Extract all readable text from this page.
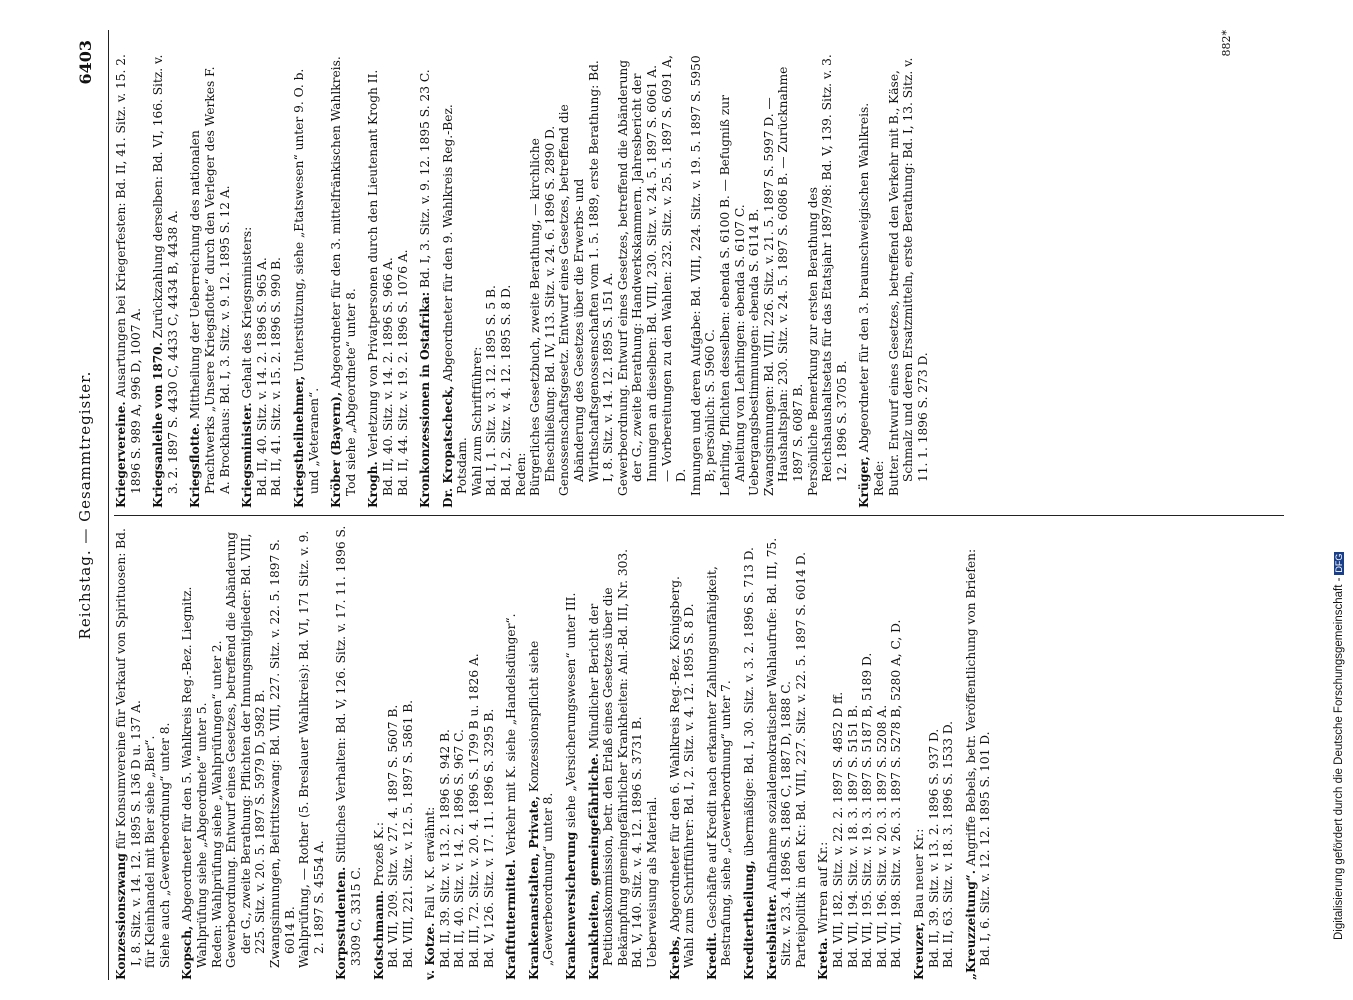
Reichstag. — Gesammtregister.
6403

Konzessionszwang für Konsumvereine für Verkauf von Spirituosen: Bd. I, 8. Sitz. v. 14. 12. 1895 S. 136 D u. 137 A. für Kleinhandel mit Bier siehe „Bier“. Siehe auch „Gewerbeordnung“ unter 8. Kopsch, Abgeordneter für den 5. Wahlkreis Reg.-Bez. Liegnitz. Wahlprüfung siehe „Abgeordnete“ unter 5. Reden: Wahlprüfung siehe „Wahlprüfungen“ unter 2. Gewerbeordnung. Entwurf eines Gesetzes, betreffend die Abänderung der G., zweite Berathung: Pflichten der Innungsmitglieder: Bd. VIII, 225. Sitz. v. 20. 5. 1897 S. 5979 D, 5982 B. Zwangsinnungen, Beitrittszwang: Bd. VIII, 227. Sitz. v. 22. 5. 1897 S. 6014 B. Wahlprüfung, — Rother (5. Breslauer Wahlkreis): Bd. VI, 171 Sitz. v. 9. 2. 1897 S. 4554 A. Korpsstudenten. Sittliches Verhalten: Bd. V, 126. Sitz. v. 17. 11. 1896 S. 3309 C, 3315 C. Kotschmann. Prozeß K.: Bd. VII, 209. Sitz. v. 27. 4. 1897 S. 5607 B. Bd. VIII, 221. Sitz. v. 12. 5. 1897 S. 5861 B. v. Kotze. Fall v. K. erwähnt: Bd. II, 39. Sitz. v. 13. 2. 1896 S. 942 B. Bd. II, 40. Sitz. v. 14. 2. 1896 S. 967 C. Bd. III, 72. Sitz. v. 20. 4. 1896 S. 1799 B u. 1826 A. Bd. V, 126. Sitz. v. 17. 11. 1896 S. 3295 B. Kraftfuttermittel. Verkehr mit K. siehe „Handelsdünger“.

Krankenanstalten, Private, Konzessionspflicht siehe „Gewerbeordnung“ unter 8. Krankenversicherung siehe „Versicherungswesen“ unter III.

Krankheiten, gemeingefährliche. Mündlicher Bericht der Petitionskommission, betr. den Erlaß eines Gesetzes über die Bekämpfung gemeingefährlicher Krankheiten: Anl.-Bd. III, Nr. 303. Bd. V, 140. Sitz. v. 4. 12. 1896 S. 3731 B. Ueberweisung als Material. Krebs, Abgeordneter für den 6. Wahlkreis Reg.-Bez. Königsberg. Wahl zum Schriftführer: Bd. I, 2. Sitz. v. 4. 12. 1895 S. 8 D. Kredit. Geschäfte auf Kredit nach erkannter Zahlungsunfähigkeit, Bestrafung, siehe „Gewerbeordnung“ unter 7. Kreditertheilung, übermäßige: Bd. I, 30. Sitz. v. 3. 2. 1896 S. 713 D.

Kreisblätter. Aufnahme sozialdemokratischer Wahlaufrufe: Bd. III, 75. Sitz. v. 23. 4. 1896 S. 1886 C, 1887 D, 1888 C. Parteipolitik in den Kr.: Bd. VIII, 227. Sitz. v. 22. 5. 1897 S. 6014 D. Kreta. Wirren auf Kr.: Bd. VII, 182. Sitz. v. 22. 2. 1897 S. 4852 D ff. Bd. VII, 194. Sitz. v. 18. 3. 1897 S. 5151 B. Bd. VII, 195. Sitz. v. 19. 3. 1897 S. 5187 B, 5189 D. Bd. VII, 196. Sitz. v. 20. 3. 1897 S. 5208 A. Bd. VII, 198. Sitz. v. 26. 3. 1897 S. 5278 B, 5280 A, C, D. Kreuzer, Bau neuer Kr.: Bd. II, 39. Sitz. v. 13. 2. 1896 S. 937 D. Bd. II, 63. Sitz. v. 18. 3. 1896 S. 1533 D. „Kreuzzeitung“. Angriffe Bebels, betr. Veröffentlichung von Briefen: Bd. I, 6. Sitz. v. 12. 12. 1895 S. 101 D.

Kriegervereine. Ausartungen bei Kriegerfesten: Bd. II, 41. Sitz. v. 15. 2. 1896 S. 989 A, 996 D, 1007 A. Kriegsanleihe von 1870. Zurückzahlung derselben: Bd. VI, 166. Sitz. v. 3. 2. 1897 S. 4430 C, 4433 C, 4434 B, 4438 A. Kriegsflotte. Mittheilung der Ueberreichung des nationalen Prachtwerks „Unsere Kriegsflotte“ durch den Verleger des Werkes F. A. Brockhaus: Bd. I, 3. Sitz. v. 9. 12. 1895 S. 12 A. Kriegsminister. Gehalt des Kriegsministers: Bd. II, 40. Sitz. v. 14. 2. 1896 S. 965 A. Bd. II, 41. Sitz. v. 15. 2. 1896 S. 990 B. Kriegstheilnehmer, Unterstützung, siehe „Etatswesen“ unter 9. O. b. und „Veteranen“. Kröber (Bayern), Abgeordneter für den 3. mittelfränkischen Wahlkreis.

Tod siehe „Abgeordnete“ unter 8. Krogh. Verletzung von Privatpersonen durch den Lieutenant Krogh II. Bd. II, 40. Sitz. v. 14. 2. 1896 S. 966 A. Bd. II, 44. Sitz. v. 19. 2. 1896 S. 1076 A. Kronkonzessionen in Ostafrika: Bd. I, 3. Sitz. v. 9. 12. 1895 S. 23 C.

Dr. Kropatscheck, Abgeordneter für den 9. Wahlkreis Reg.-Bez. Potsdam. Wahl zum Schriftführer: Bd. I, 1. Sitz. v. 3. 12. 1895 S. 5 B. Bd. I, 2. Sitz. v. 4. 12. 1895 S. 8 D. Reden: Bürgerliches Gesetzbuch, zweite Berathung, — kirchliche Eheschließung: Bd. IV, 113. Sitz. v. 24. 6. 1896 S. 2890 D. Genossenschaftsgesetz. Entwurf eines Gesetzes, betreffend die Abänderung des Gesetzes über die Erwerbs- und Wirthschaftsgenossenschaften vom 1. 5. 1889, erste Berathung: Bd. I, 8. Sitz. v. 14. 12. 1895 S. 151 A. Gewerbeordnung. Entwurf eines Gesetzes, betreffend die Abänderung der G., zweite Berathung: Handwerkskammern. Jahresbericht der Innungen an dieselben: Bd. VIII, 230. Sitz. v. 24. 5. 1897 S. 6061 A. — Vorbereitungen zu den Wahlen: 232. Sitz. v. 25. 5. 1897 S. 6091 A, D. Innungen und deren Aufgabe: Bd. VIII, 224. Sitz. v. 19. 5. 1897 S. 5950 B; persönlich: S. 5960 C. Lehrling, Pflichten desselben: ebenda S. 6100 B. — Befugniß zur Anleitung von Lehrlingen: ebenda S. 6107 C. Uebergangsbestimmungen: ebenda S. 6114 B. Zwangsinnungen: Bd. VIII, 226. Sitz. v. 21. 5. 1897 S. 5997 D. — Haushaltsplan: 230. Sitz. v. 24. 5. 1897 S. 6086 B. — Zurücknahme 1897 S. 6087 B. Persönliche Bemerkung zur ersten Berathung des Reichshaushaltsetats für das Etatsjahr 1897/98: Bd. V, 139. Sitz. v. 3. 12. 1896 S. 3705 B.

Krüger, Abgeordneter für den 3. braunschweigischen Wahlkreis.

Rede: Butter. Entwurf eines Gesetzes, betreffend den Verkehr mit B., Käse, Schmalz und deren Ersatzmitteln, erste Berathung: Bd. I, 13. Sitz. v. 11. 1. 1896 S. 273 D.

882*
Digitalisierung gefördert durch die Deutsche Forschungsgemeinschaft -DFG
